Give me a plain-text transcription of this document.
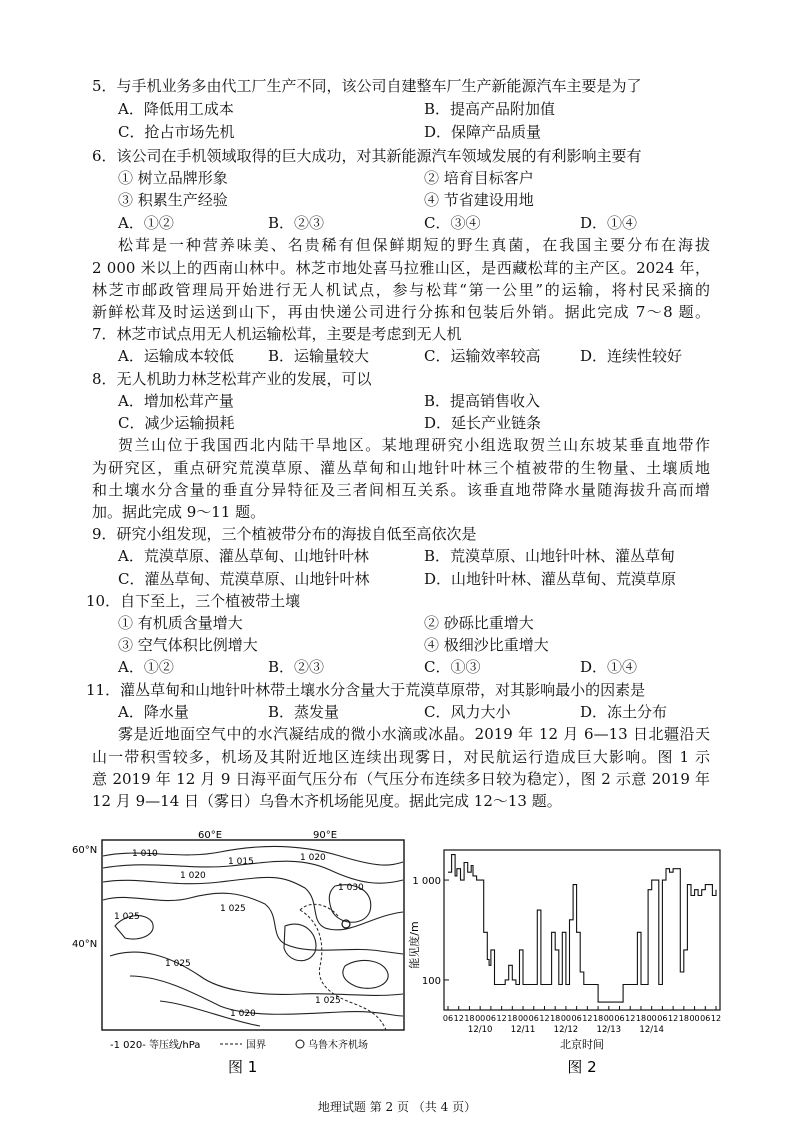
5．与手机业务多由代工厂生产不同，该公司自建整车厂生产新能源汽车主要是为了
A．降低用工成本	B．提高产品附加值
C．抢占市场先机	D．保障产品质量
6．该公司在手机领域取得的巨大成功，对其新能源汽车领域发展的有利影响主要有
① 树立品牌形象	② 培育目标客户
③ 积累生产经验	④ 节省建设用地
A．①②	B．②③	C．③④	D．①④
松茸是一种营养味美、名贵稀有但保鲜期短的野生真菌，在我国主要分布在海拔
2 000 米以上的西南山林中。林芝市地处喜马拉雅山区，是西藏松茸的主产区。2024 年，
林芝市邮政管理局开始进行无人机试点，参与松茸“第一公里”的运输，将村民采摘的
新鲜松茸及时运送到山下，再由快递公司进行分拣和包装后外销。据此完成 7～8 题。
7．林芝市试点用无人机运输松茸，主要是考虑到无人机
A．运输成本较低 B．运输量较大	C．运输效率较高	D．连续性较好
8．无人机助力林芝松茸产业的发展，可以
A．增加松茸产量	B．提高销售收入
C．减少运输损耗	D．延长产业链条
贺兰山位于我国西北内陆干旱地区。某地理研究小组选取贺兰山东坡某垂直地带作
为研究区，重点研究荒漠草原、灌丛草甸和山地针叶林三个植被带的生物量、土壤质地
和土壤水分含量的垂直分异特征及三者间相互关系。该垂直地带降水量随海拔升高而增
加。据此完成 9～11 题。
9．研究小组发现，三个植被带分布的海拔自低至高依次是
A．荒漠草原、灌丛草甸、山地针叶林	B．荒漠草原、山地针叶林、灌丛草甸
C．灌丛草甸、荒漠草原、山地针叶林	D．山地针叶林、灌丛草甸、荒漠草原
10．自下至上，三个植被带土壤
① 有机质含量增大	② 砂砾比重增大
③ 空气体积比例增大	④ 极细沙比重增大
A．①②	B．②③	C．①③	D．①④
11．灌丛草甸和山地针叶林带土壤水分含量大于荒漠草原带，对其影响最小的因素是
A．降水量	B．蒸发量	C．风力大小	D．冻土分布
雾是近地面空气中的水汽凝结成的微小水滴或冰晶。2019 年 12 月 6—13 日北疆沿天
山一带积雪较多，机场及其附近地区连续出现雾日，对民航运行造成巨大影响。图 1 示
意 2019 年 12 月 9 日海平面气压分布（气压分布连续多日较为稳定），图 2 示意 2019 年
12 月 9—14 日（雾日）乌鲁木齐机场能见度。据此完成 12～13 题。
60°E	90°E
60°N
40°N
1 010
1 015	1 020
1 020
1 025
1 025
1 030
1 025
1 025
1 020
-1 020- 等压线/hPa	国界	乌鲁木齐机场
图 1
100
1 000
06 12 18 00 06 12 18 00 06 12 18 00 06 12 18 00 06 12 18 00 06 12 18 00 06 12
12/10 12/11 12/12 12/13 12/14
能见度/m
北京时间
图 2
地理试题 第 2 页 （共 4 页）
